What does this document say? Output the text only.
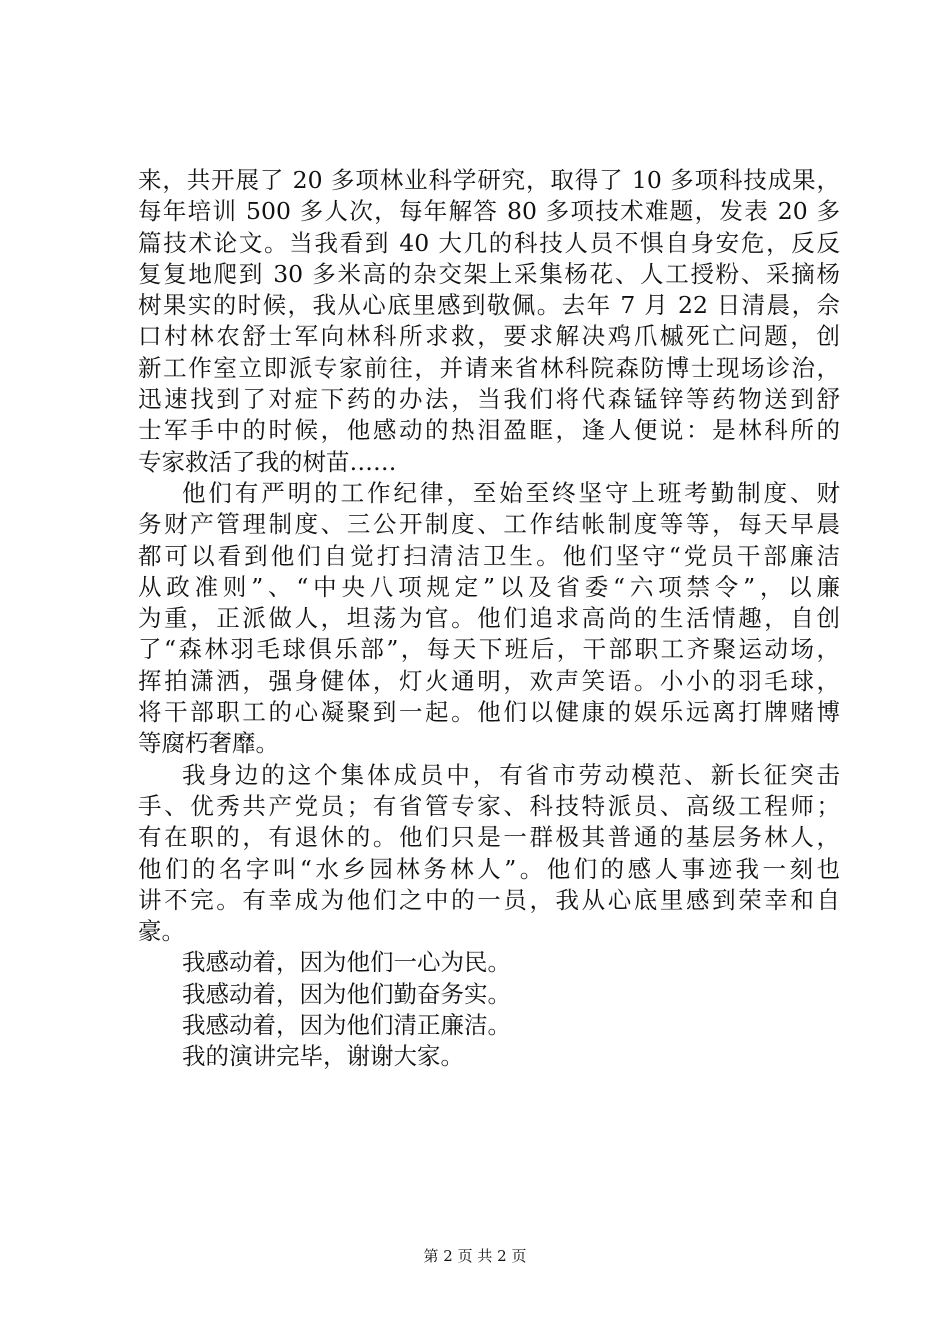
来，共开展了 20 多项林业科学研究，取得了 10 多项科技成果，
每年培训 500 多人次，每年解答 80 多项技术难题，发表 20 多
篇技术论文。当我看到 40 大几的科技人员不惧自身安危，反反
复复地爬到 30 多米高的杂交架上采集杨花、人工授粉、采摘杨
树果实的时候，我从心底里感到敬佩。去年 7 月 22 日清晨，佘
口村林农舒士军向林科所求救，要求解决鸡爪槭死亡问题，创
新工作室立即派专家前往，并请来省林科院森防博士现场诊治，
迅速找到了对症下药的办法，当我们将代森锰锌等药物送到舒
士军手中的时候，他感动的热泪盈眶，逢人便说：是林科所的
专家救活了我的树苗……
他们有严明的工作纪律，至始至终坚守上班考勤制度、财
务财产管理制度、三公开制度、工作结帐制度等等，每天早晨
都可以看到他们自觉打扫清洁卫生。他们坚守“党员干部廉洁
从政准则”、“中央八项规定”以及省委“六项禁令”，以廉
为重，正派做人，坦荡为官。他们追求高尚的生活情趣，自创
了“森林羽毛球俱乐部”，每天下班后，干部职工齐聚运动场，
挥拍潇洒，强身健体，灯火通明，欢声笑语。小小的羽毛球，
将干部职工的心凝聚到一起。他们以健康的娱乐远离打牌赌博
等腐朽奢靡。
我身边的这个集体成员中，有省市劳动模范、新长征突击
手、优秀共产党员；有省管专家、科技特派员、高级工程师；
有在职的，有退休的。他们只是一群极其普通的基层务林人，
他们的名字叫“水乡园林务林人”。他们的感人事迹我一刻也
讲不完。有幸成为他们之中的一员，我从心底里感到荣幸和自
豪。
我感动着，因为他们一心为民。
我感动着，因为他们勤奋务实。
我感动着，因为他们清正廉洁。
我的演讲完毕，谢谢大家。
第 2 页 共 2 页
